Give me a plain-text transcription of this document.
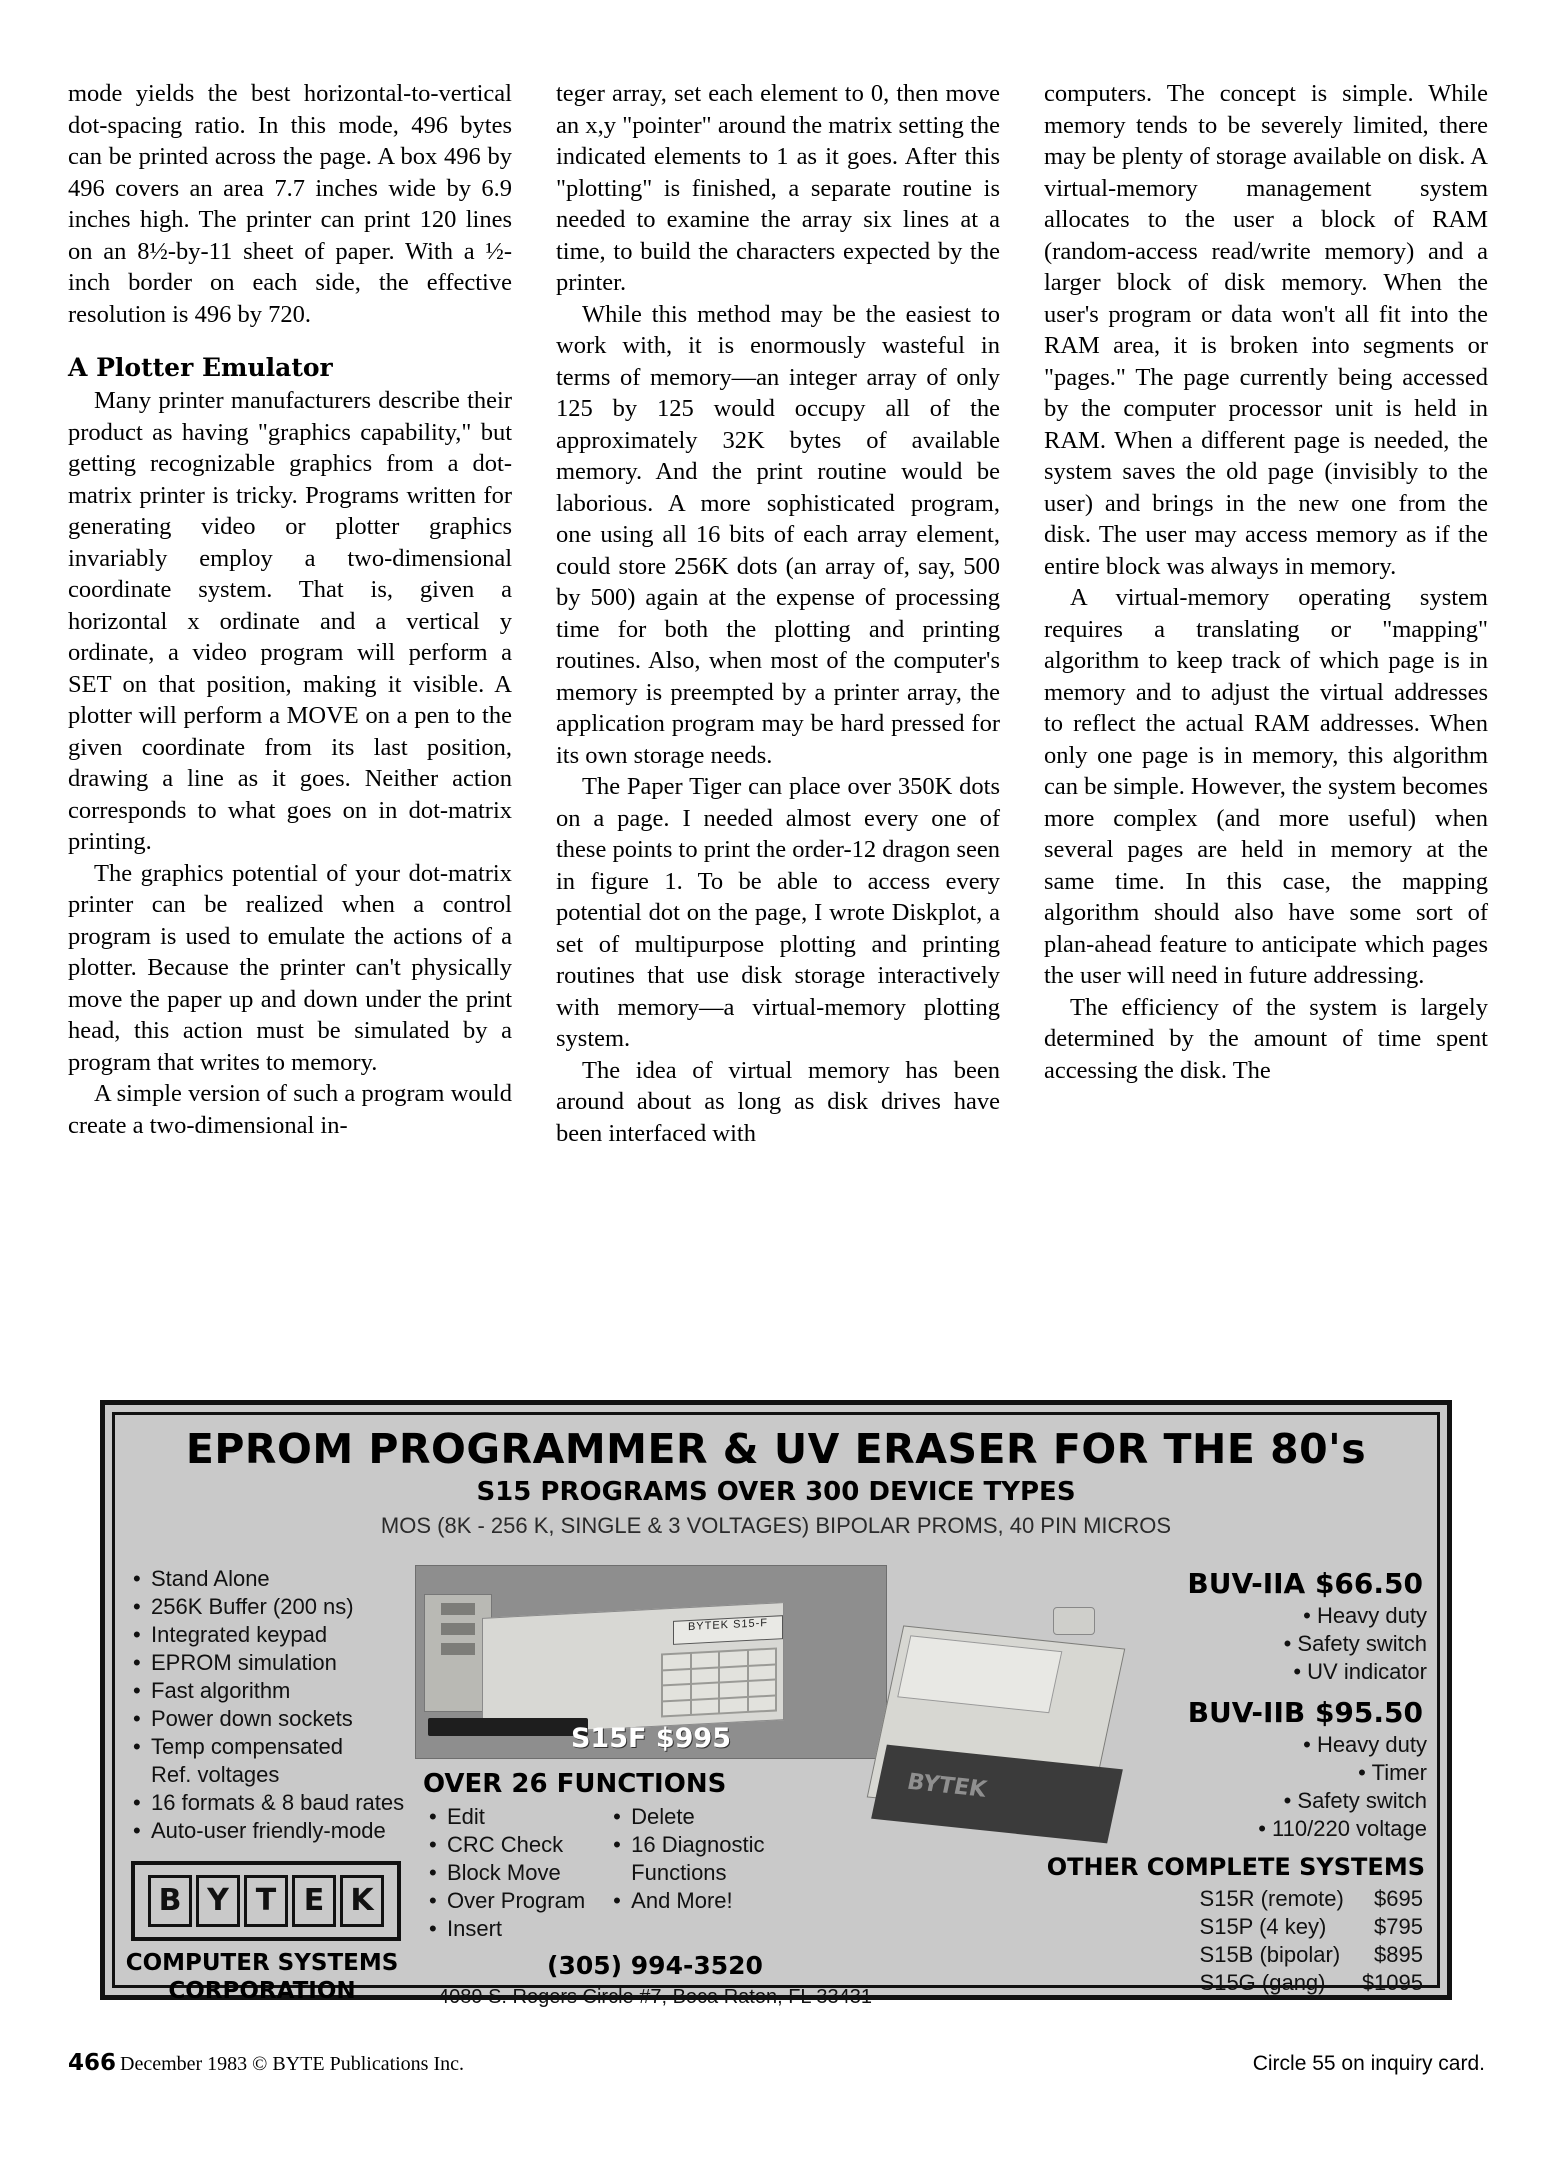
mode yields the best horizontal-to-vertical dot-spacing ratio. In this mode, 496 bytes can be printed across the page. A box 496 by 496 covers an area 7.7 inches wide by 6.9 inches high. The printer can print 120 lines on an 8½-by-11 sheet of paper. With a ½-inch border on each side, the effective resolution is 496 by 720.

A Plotter Emulator

Many printer manufacturers describe their product as having "graphics capability," but getting recognizable graphics from a dot-matrix printer is tricky. Programs written for generating video or plotter graphics invariably employ a two-dimensional coordinate system. That is, given a horizontal x ordinate and a vertical y ordinate, a video program will perform a SET on that position, making it visible. A plotter will perform a MOVE on a pen to the given coordinate from its last position, drawing a line as it goes. Neither action corresponds to what goes on in dot-matrix printing.

The graphics potential of your dot-matrix printer can be realized when a control program is used to emulate the actions of a plotter. Because the printer can't physically move the paper up and down under the print head, this action must be simulated by a program that writes to memory.

A simple version of such a program would create a two-dimensional in-

teger array, set each element to 0, then move an x,y "pointer" around the matrix setting the indicated elements to 1 as it goes. After this "plotting" is finished, a separate routine is needed to examine the array six lines at a time, to build the characters expected by the printer.

While this method may be the easiest to work with, it is enormously wasteful in terms of memory—an integer array of only 125 by 125 would occupy all of the approximately 32K bytes of available memory. And the print routine would be laborious. A more sophisticated program, one using all 16 bits of each array element, could store 256K dots (an array of, say, 500 by 500) again at the expense of processing time for both the plotting and printing routines. Also, when most of the computer's memory is preempted by a printer array, the application program may be hard pressed for its own storage needs.

The Paper Tiger can place over 350K dots on a page. I needed almost every one of these points to print the order-12 dragon seen in figure 1. To be able to access every potential dot on the page, I wrote Diskplot, a set of multipurpose plotting and printing routines that use disk storage interactively with memory—a virtual-memory plotting system.

The idea of virtual memory has been around about as long as disk drives have been interfaced with

computers. The concept is simple. While memory tends to be severely limited, there may be plenty of storage available on disk. A virtual-memory management system allocates to the user a block of RAM (random-access read/write memory) and a larger block of disk memory. When the user's program or data won't all fit into the RAM area, it is broken into segments or "pages." The page currently being accessed by the computer processor unit is held in RAM. When a different page is needed, the system saves the old page (invisibly to the user) and brings in the new one from the disk. The user may access memory as if the entire block was always in memory.

A virtual-memory operating system requires a translating or "mapping" algorithm to keep track of which page is in memory and to adjust the virtual addresses to reflect the actual RAM addresses. When only one page is in memory, this algorithm can be simple. However, the system becomes more complex (and more useful) when several pages are held in memory at the same time. In this case, the mapping algorithm should also have some sort of plan-ahead feature to anticipate which pages the user will need in future addressing.

The efficiency of the system is largely determined by the amount of time spent accessing the disk. The

EPROM PROGRAMMER & UV ERASER FOR THE 80's
S15 PROGRAMS OVER 300 DEVICE TYPES
MOS (8K - 256 K, SINGLE & 3 VOLTAGES) BIPOLAR PROMS, 40 PIN MICROS
• Stand Alone
• 256K Buffer (200 ns)
• Integrated keypad
• EPROM simulation
• Fast algorithm
• Power down sockets
• Temp compensated
Ref. voltages
• 16 formats & 8 baud rates
• Auto-user friendly-mode
B Y T E K
COMPUTER SYSTEMS
CORPORATION
BYTEK S15-F
S15F $995
OVER 26 FUNCTIONS
• Edit
• CRC Check
• Block Move
• Over Program
• Insert
• Delete
• 16 Diagnostic
Functions
• And More!
(305) 994-3520
4089 S. Rogers Circle #7, Boca Raton, FL 33431
BYTEK
BUV-IIA $66.50
• Heavy duty
• Safety switch
• UV indicator
BUV-IIB $95.50
• Heavy duty
• Timer
• Safety switch
• 110/220 voltage
OTHER COMPLETE SYSTEMS
S15R (remote)	$695
S15P (4 key)	$795
S15B (bipolar)	$895
S15G (gang)	$1095
466 December 1983 © BYTE Publications Inc.	Circle 55 on inquiry card.
